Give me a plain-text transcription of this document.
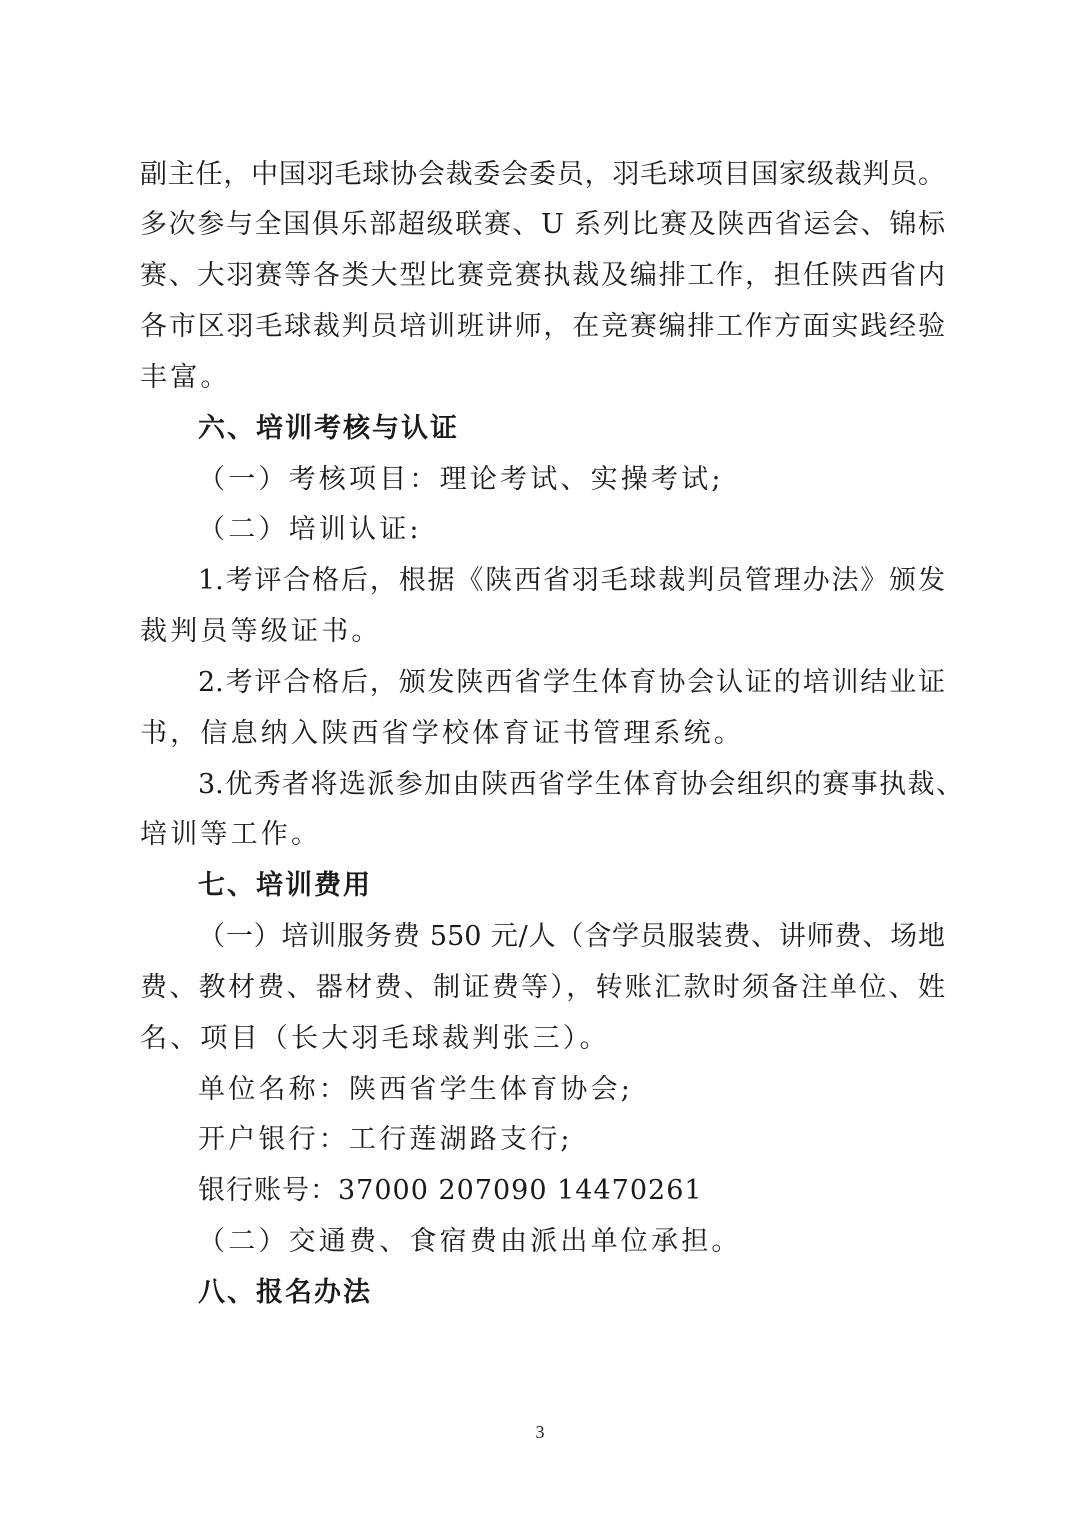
副主任，中国羽毛球协会裁委会委员，羽毛球项目国家级裁判员。
多次参与全国俱乐部超级联赛、U 系列比赛及陕西省运会、锦标
赛、大羽赛等各类大型比赛竞赛执裁及编排工作，担任陕西省内
各市区羽毛球裁判员培训班讲师，在竞赛编排工作方面实践经验
丰富。
六、培训考核与认证
（一）考核项目：理论考试、实操考试;
（二）培训认证:
1.考评合格后，根据《陕西省羽毛球裁判员管理办法》颁发
裁判员等级证书。
2.考评合格后，颁发陕西省学生体育协会认证的培训结业证
书，信息纳入陕西省学校体育证书管理系统。
3.优秀者将选派参加由陕西省学生体育协会组织的赛事执裁、
培训等工作。
七、培训费用
（一）培训服务费 550 元/人（含学员服装费、讲师费、场地
费、教材费、器材费、制证费等），转账汇款时须备注单位、姓
名、项目（长大羽毛球裁判张三）。
单位名称：陕西省学生体育协会;
开户银行：工行莲湖路支行;
银行账号：37000 207090 14470261
（二）交通费、食宿费由派出单位承担。
八、报名办法
3
